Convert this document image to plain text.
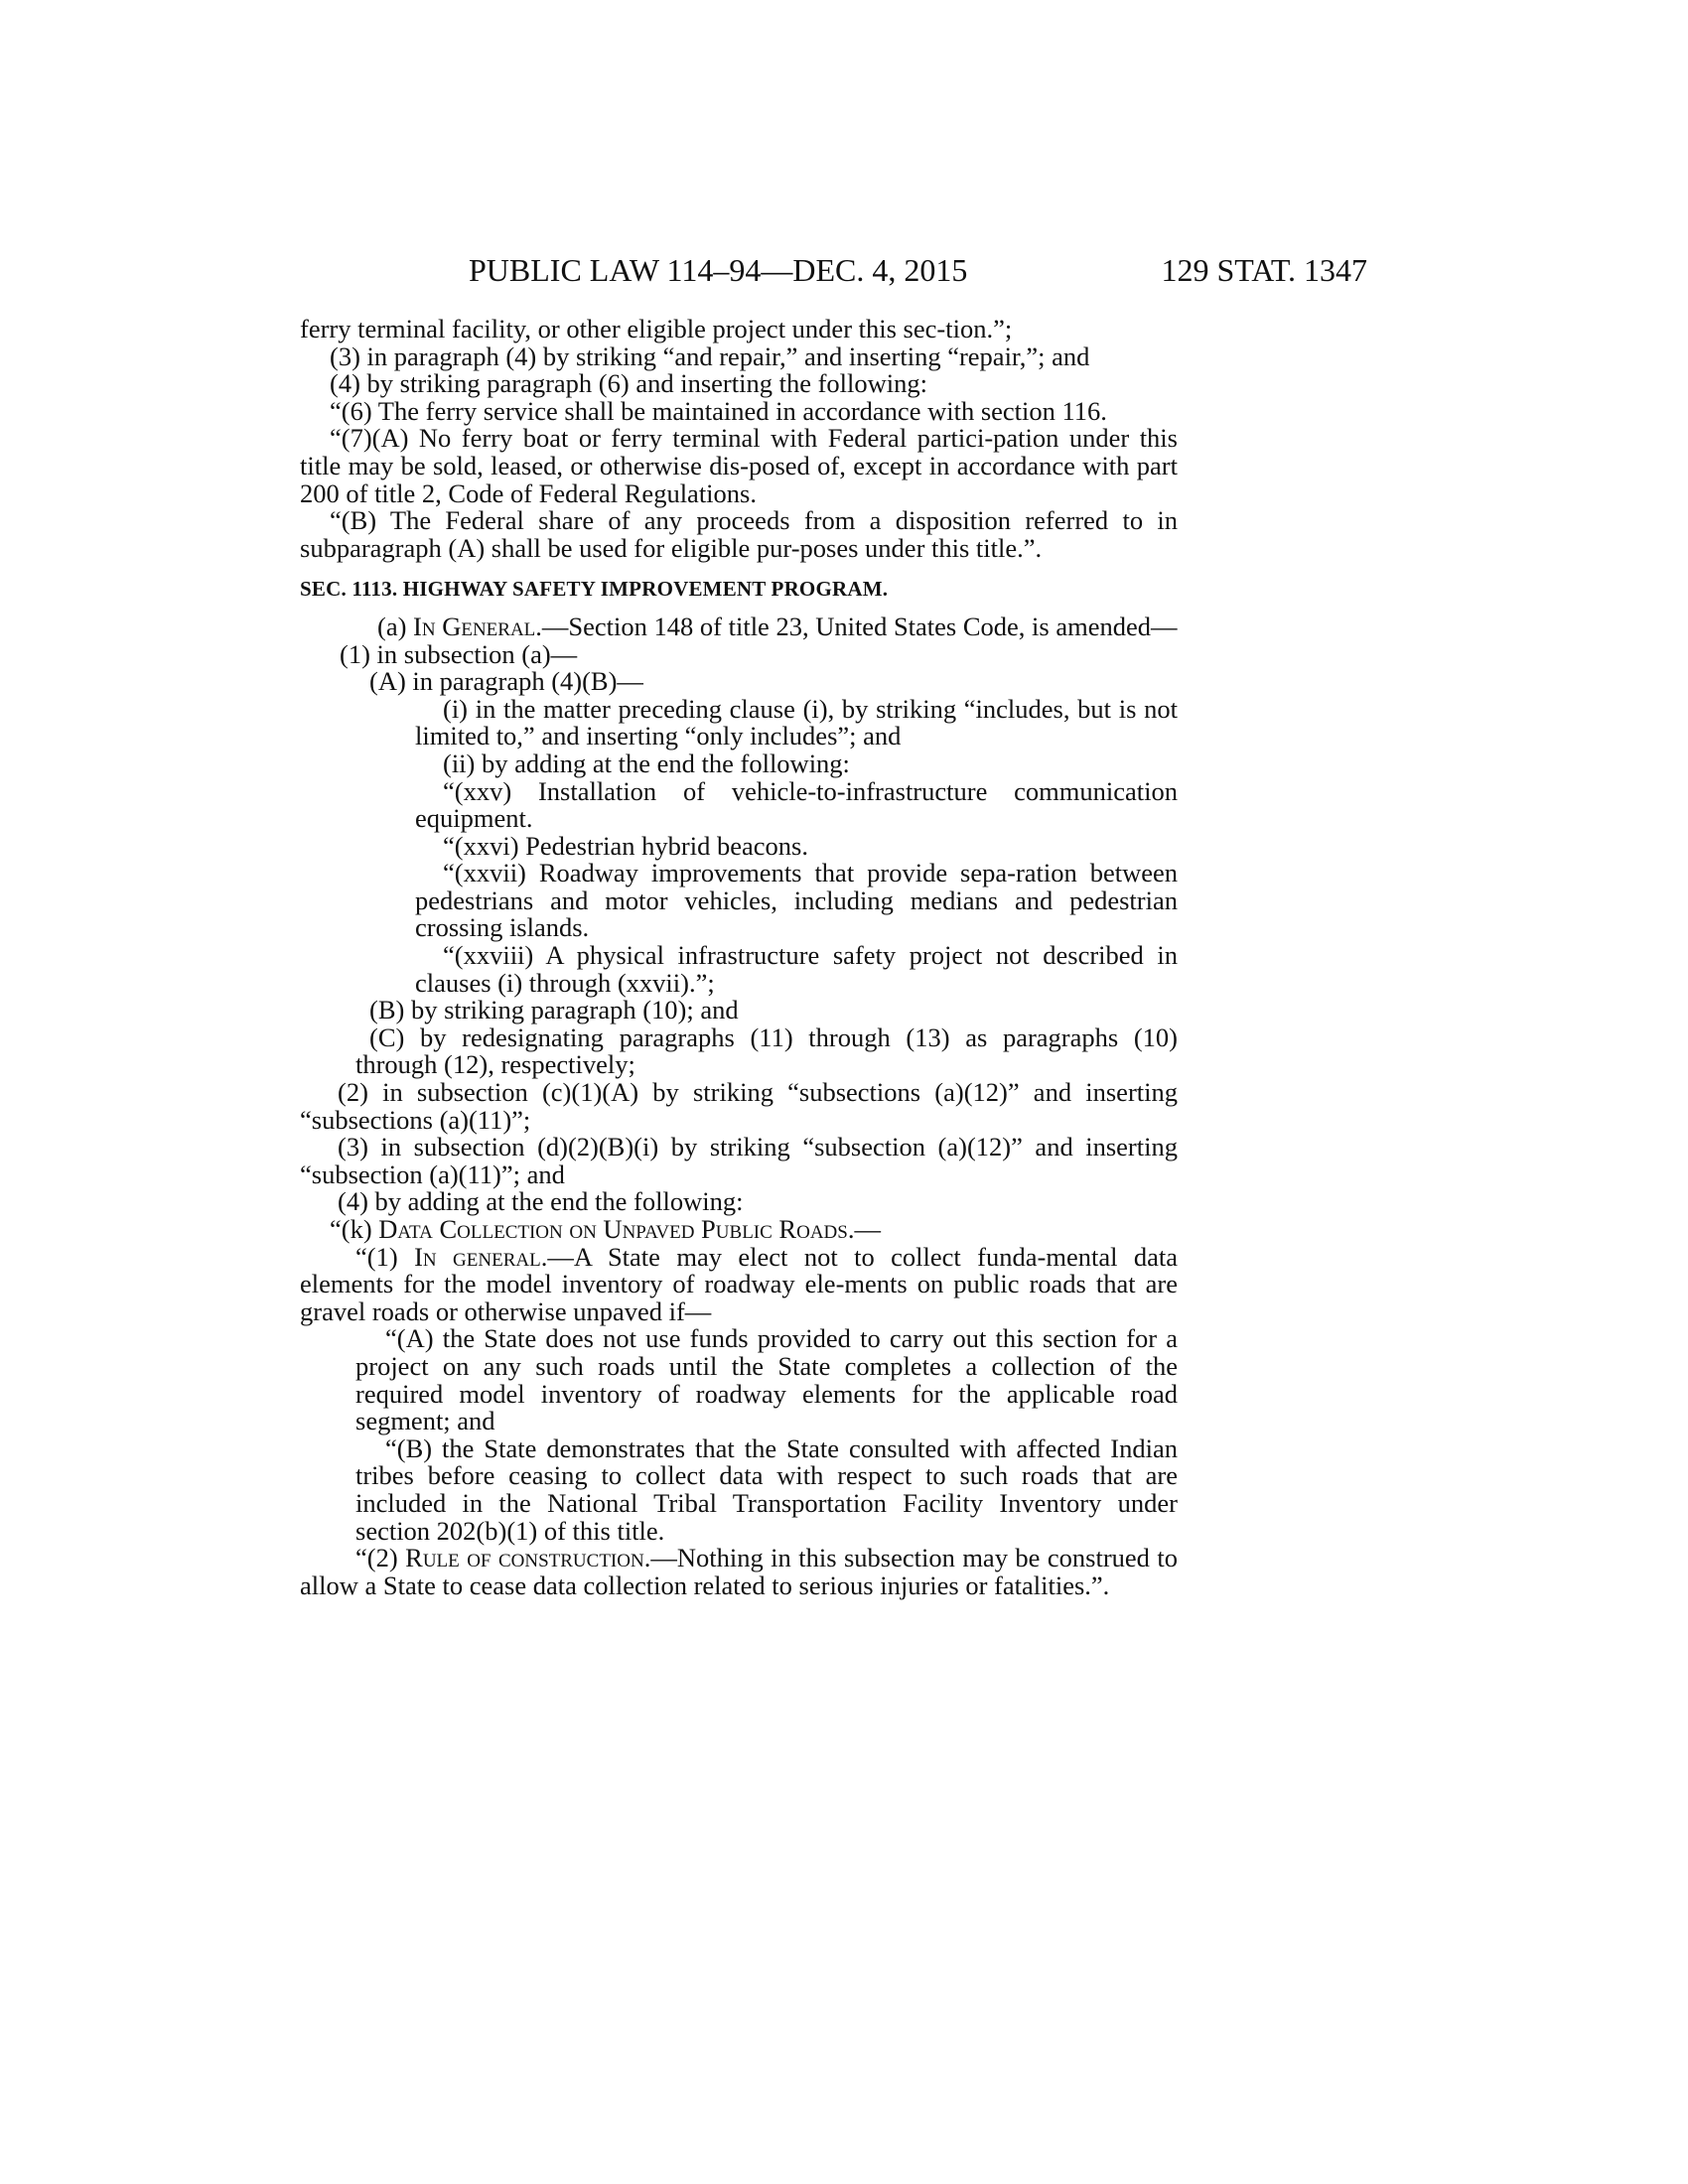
PUBLIC LAW 114–94—DEC. 4, 2015	129 STAT. 1347

ferry terminal facility, or other eligible project under this sec-tion.”;

(3) in paragraph (4) by striking “and repair,” and inserting “repair,”; and

(4) by striking paragraph (6) and inserting the following:

“(6) The ferry service shall be maintained in accordance with section 116.

“(7)(A) No ferry boat or ferry terminal with Federal partici-pation under this title may be sold, leased, or otherwise dis-posed of, except in accordance with part 200 of title 2, Code of Federal Regulations.

“(B) The Federal share of any proceeds from a disposition referred to in subparagraph (A) shall be used for eligible pur-poses under this title.”.

SEC. 1113. HIGHWAY SAFETY IMPROVEMENT PROGRAM.

(a) In General.—Section 148 of title 23, United States Code, is amended—

(1) in subsection (a)—

(A) in paragraph (4)(B)—

(i) in the matter preceding clause (i), by striking “includes, but is not limited to,” and inserting “only includes”; and

(ii) by adding at the end the following:

“(xxv) Installation of vehicle-to-infrastructure communication equipment.

“(xxvi) Pedestrian hybrid beacons.

“(xxvii) Roadway improvements that provide sepa-ration between pedestrians and motor vehicles, including medians and pedestrian crossing islands.

“(xxviii) A physical infrastructure safety project not described in clauses (i) through (xxvii).”;

(B) by striking paragraph (10); and

(C) by redesignating paragraphs (11) through (13) as paragraphs (10) through (12), respectively;

(2) in subsection (c)(1)(A) by striking “subsections (a)(12)” and inserting “subsections (a)(11)”;

(3) in subsection (d)(2)(B)(i) by striking “subsection (a)(12)” and inserting “subsection (a)(11)”; and

(4) by adding at the end the following:

“(k) Data Collection on Unpaved Public Roads.—

“(1) In general.—A State may elect not to collect funda-mental data elements for the model inventory of roadway ele-ments on public roads that are gravel roads or otherwise unpaved if—

“(A) the State does not use funds provided to carry out this section for a project on any such roads until the State completes a collection of the required model inventory of roadway elements for the applicable road segment; and

“(B) the State demonstrates that the State consulted with affected Indian tribes before ceasing to collect data with respect to such roads that are included in the National Tribal Transportation Facility Inventory under section 202(b)(1) of this title.

“(2) Rule of construction.—Nothing in this subsection may be construed to allow a State to cease data collection related to serious injuries or fatalities.”.
